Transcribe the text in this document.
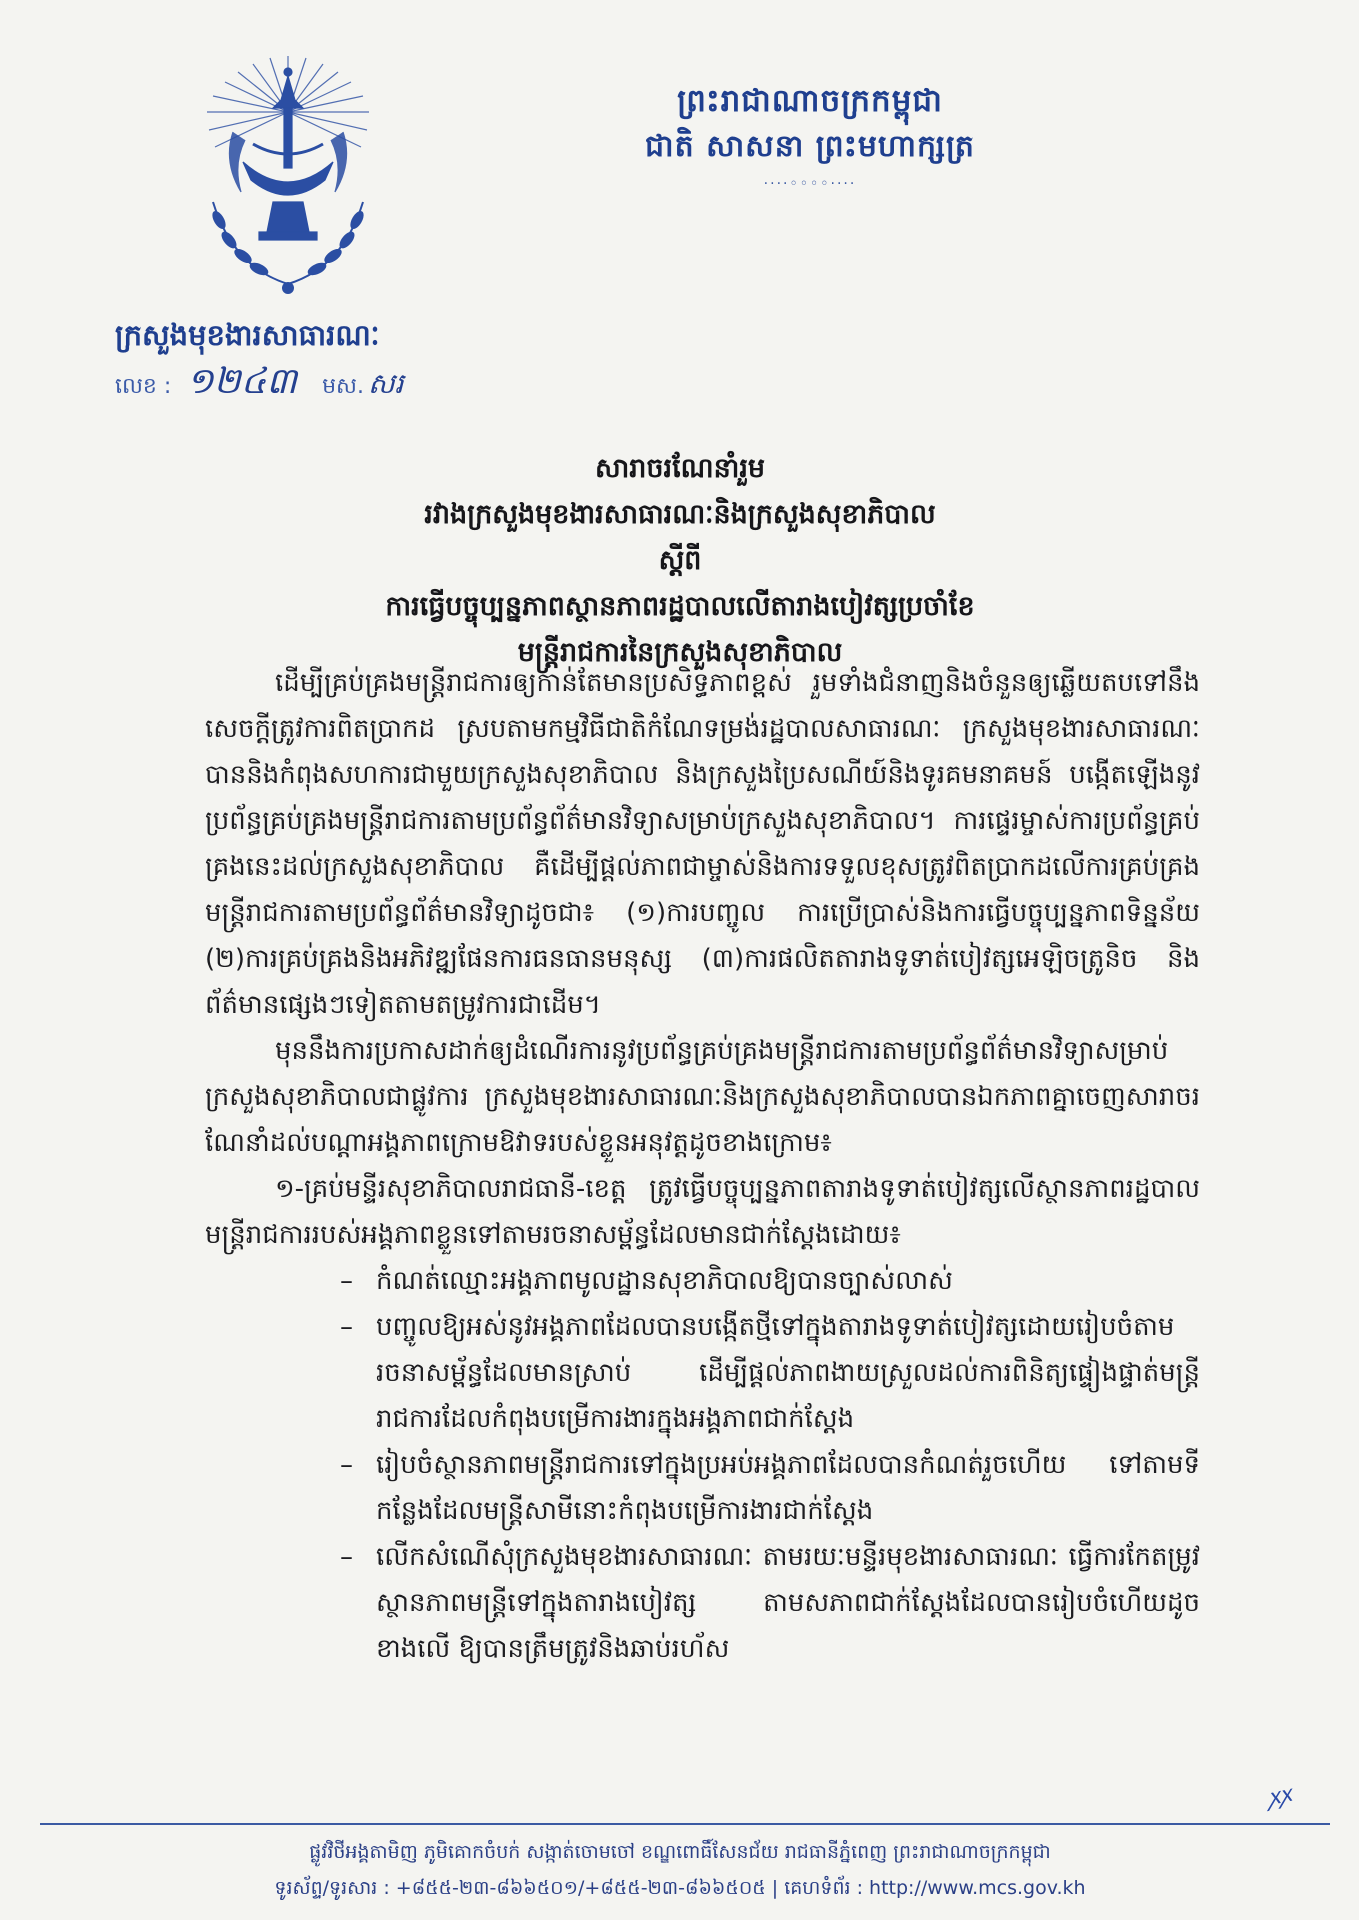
ព្រះរាជាណាចក្រកម្ពុជា
ជាតិ សាសនា ព្រះមហាក្សត្រ
····◦◦◦◦····
ក្រសួងមុខងារសាធារណៈ
លេខ : ១២៤៣ មស. សរ
សារាចរណែនាំរួម
រវាងក្រសួងមុខងារសាធារណៈនិងក្រសួងសុខាភិបាល
ស្តីពី
ការធ្វើបច្ចុប្បន្នភាពស្ថានភាពរដ្ឋបាលលើតារាងបៀវត្សប្រចាំខែ
មន្ត្រីរាជការនៃក្រសួងសុខាភិបាល

ដើម្បីគ្រប់គ្រងមន្ត្រីរាជការឲ្យកាន់តែមានប្រសិទ្ធភាពខ្ពស់ រួមទាំងជំនាញនិងចំនួនឲ្យឆ្លើយតបទៅនឹងសេចក្តីត្រូវការពិតប្រាកដ ស្របតាមកម្មវិធីជាតិកំណែទម្រង់រដ្ឋបាលសាធារណៈ ក្រសួងមុខងារសាធារណៈបាននិងកំពុងសហការជាមួយក្រសួងសុខាភិបាល និងក្រសួងប្រៃសណីយ៍និងទូរគមនាគមន៍ បង្កើតឡើងនូវប្រព័ន្ធគ្រប់គ្រងមន្ត្រីរាជការតាមប្រព័ន្ធព័ត៌មានវិទ្យាសម្រាប់ក្រសួងសុខាភិបាល។ ការផ្ទេរ​ម្ចាស់ការប្រព័ន្ធគ្រប់គ្រងនេះដល់ក្រសួងសុខាភិបាល គឺដើម្បីផ្តល់ភាពជាម្ចាស់និងការទទួលខុសត្រូវពិតប្រាកដលើការគ្រប់គ្រងមន្ត្រីរាជការតាមប្រព័ន្ធព័ត៌មានវិទ្យាដូចជា៖ (១)ការបញ្ចូល ការប្រើប្រាស់និងការធ្វើបច្ចុប្បន្នភាពទិន្នន័យ (២)ការគ្រប់គ្រងនិងអភិវឌ្ឍផែនការធនធានមនុស្ស (៣)ការផលិតតារាងទូទាត់បៀវត្សអេឡិចត្រូនិច និងព័ត៌មានផ្សេងៗទៀតតាមតម្រូវការជាដើម។

មុននឹងការប្រកាសដាក់ឲ្យដំណើរការនូវប្រព័ន្ធគ្រប់គ្រងមន្ត្រីរាជការតាមប្រព័ន្ធព័ត៌មានវិទ្យាសម្រាប់ក្រសួងសុខាភិបាលជាផ្លូវការ ក្រសួងមុខងារសាធារណៈនិងក្រសួងសុខាភិបាលបានឯកភាពគ្នាចេញសារាចរណែនាំដល់បណ្តាអង្គភាពក្រោមឱវាទរបស់ខ្លួនអនុវត្តដូចខាងក្រោម៖

១-គ្រប់មន្ទីរសុខាភិបាលរាជធានី-ខេត្ត ត្រូវធ្វើបច្ចុប្បន្នភាពតារាងទូទាត់បៀវត្សលើស្ថានភាពរដ្ឋបាលមន្ត្រីរាជការរបស់អង្គភាពខ្លួនទៅតាមរចនាសម្ព័ន្ធដែលមានជាក់ស្តែងដោយ៖

– កំណត់ឈ្មោះអង្គភាពមូលដ្ឋានសុខាភិបាលឱ្យបានច្បាស់លាស់
– បញ្ចូលឱ្យអស់នូវអង្គភាពដែលបានបង្កើតថ្មីទៅក្នុងតារាងទូទាត់បៀវត្សដោយរៀបចំតាមរចនាសម្ព័ន្ធដែលមានស្រាប់ ដើម្បីផ្តល់ភាពងាយស្រួលដល់ការពិនិត្យផ្ទៀងផ្ទាត់មន្ត្រីរាជការដែលកំពុងបម្រើការងារក្នុងអង្គភាពជាក់ស្តែង
– រៀបចំស្ថានភាពមន្ត្រីរាជការទៅក្នុងប្រអប់អង្គភាពដែលបានកំណត់រួចហើយ ទៅតាមទីកន្លែងដែលមន្ត្រីសាមីនោះកំពុងបម្រើការងារជាក់ស្តែង
– លើកសំណើសុំក្រសួងមុខងារសាធារណៈ តាមរយៈមន្ទីរមុខងារសាធារណៈ ធ្វើការកែតម្រូវស្ថានភាពមន្ត្រីទៅក្នុងតារាងបៀវត្ស តាមសភាពជាក់ស្តែងដែលបានរៀបចំហើយដូចខាងលើ ឱ្យបានត្រឹមត្រូវនិងឆាប់រហ័ស
ꭗꭗ
ផ្លូវវិថីអង្គតាមិញ ភូមិគោកចំបក់ សង្កាត់ចោមចៅ ខណ្ឌពោធិ៍សែនជ័យ រាជធានីភ្នំពេញ ព្រះរាជាណាចក្រកម្ពុជា
ទូរស័ព្ទ/ទូរសារ : +៨៥៥-២៣-៨៦៦៥០១/+៨៥៥-២៣-៨៦៦៥០៥ | គេហទំព័រ : http://www.mcs.gov.kh
